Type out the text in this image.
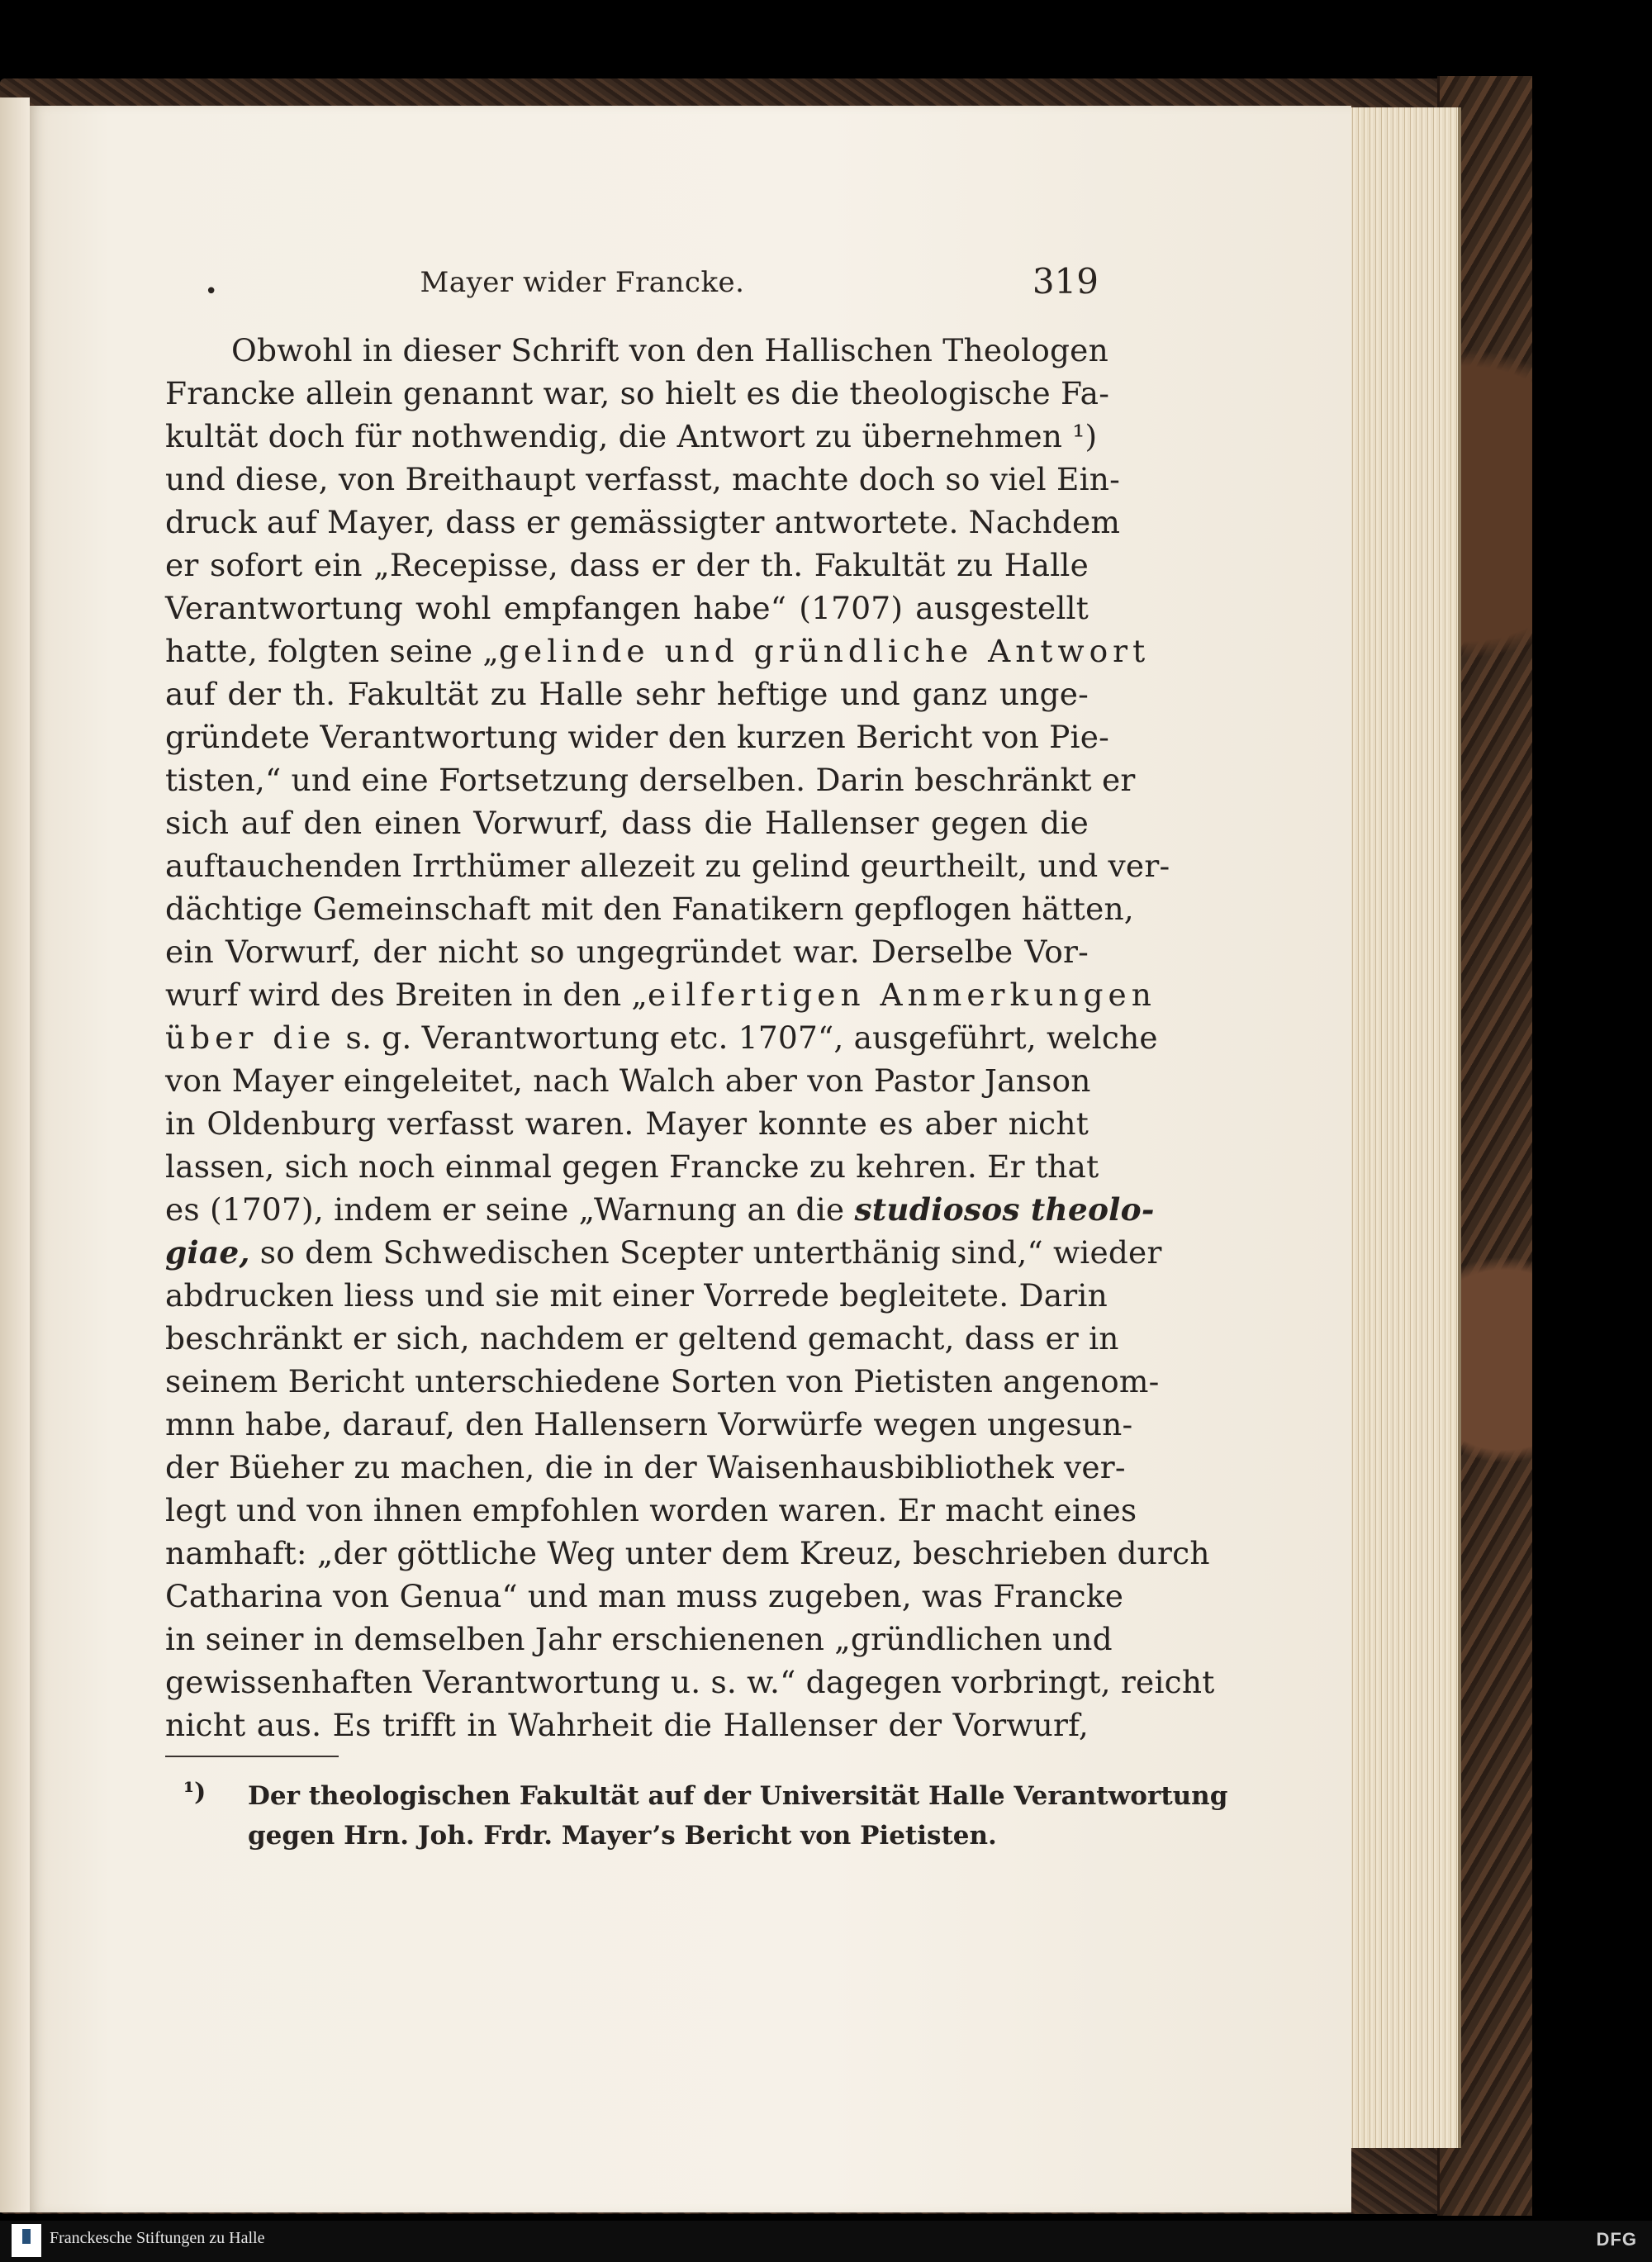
•	Mayer wider Francke.	319
Obwohl in dieser Schrift von den Hallischen Theologen
Francke allein genannt war, so hielt es die theologische Fa-
kultät doch für nothwendig, die Antwort zu übernehmen ¹)
und diese, von Breithaupt verfasst, machte doch so viel Ein-
druck auf Mayer, dass er gemässigter antwortete. Nachdem
er sofort ein „Recepisse, dass er der th. Fakultät zu Halle
Verantwortung wohl empfangen habe“ (1707) ausgestellt
hatte, folgten seine „gelinde und gründliche Antwort
auf der th. Fakultät zu Halle sehr heftige und ganz unge-
gründete Verantwortung wider den kurzen Bericht von Pie-
tisten,“ und eine Fortsetzung derselben. Darin beschränkt er
sich auf den einen Vorwurf, dass die Hallenser gegen die
auftauchenden Irrthümer allezeit zu gelind geurtheilt, und ver-
dächtige Gemeinschaft mit den Fanatikern gepflogen hätten,
ein Vorwurf, der nicht so ungegründet war. Derselbe Vor-
wurf wird des Breiten in den „eilfertigen Anmerkungen
über die s. g. Verantwortung etc. 1707“, ausgeführt, welche
von Mayer eingeleitet, nach Walch aber von Pastor Janson
in Oldenburg verfasst waren. Mayer konnte es aber nicht
lassen, sich noch einmal gegen Francke zu kehren. Er that
es (1707), indem er seine „Warnung an die studiosos theolo-
giae, so dem Schwedischen Scepter unterthänig sind,“ wieder
abdrucken liess und sie mit einer Vorrede begleitete. Darin
beschränkt er sich, nachdem er geltend gemacht, dass er in
seinem Bericht unterschiedene Sorten von Pietisten angenom-
mnn habe, darauf, den Hallensern Vorwürfe wegen ungesun-
der Büeher zu machen, die in der Waisenhausbibliothek ver-
legt und von ihnen empfohlen worden waren. Er macht eines
namhaft: „der göttliche Weg unter dem Kreuz, beschrieben durch
Catharina von Genua“ und man muss zugeben, was Francke
in seiner in demselben Jahr erschienenen „gründlichen und
gewissenhaften Verantwortung u. s. w.“ dagegen vorbringt, reicht
nicht aus. Es trifft in Wahrheit die Hallenser der Vorwurf,
¹)	Der theologischen Fakultät auf der Universität Halle Verantwortung
gegen Hrn. Joh. Frdr. Mayer’s Bericht von Pietisten.
Franckesche Stiftungen zu Halle	DFG
